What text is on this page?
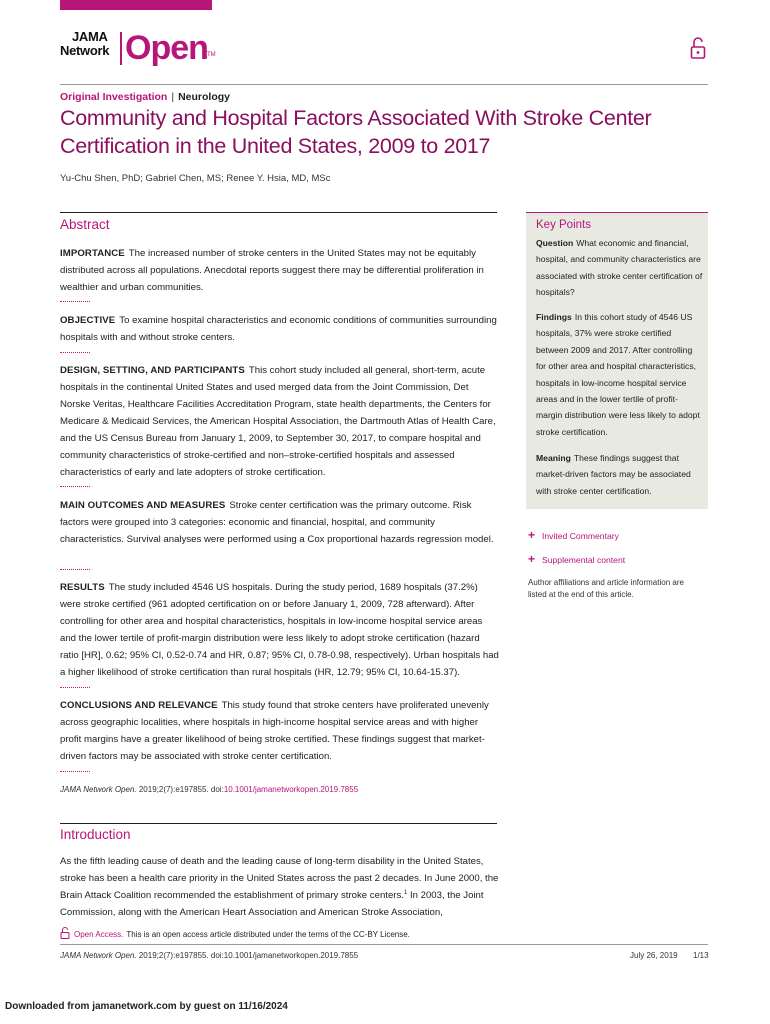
JAMA
Network Open TM
Original Investigation | Neurology
Community and Hospital Factors Associated With Stroke Center Certification in the United States, 2009 to 2017
Yu-Chu Shen, PhD; Gabriel Chen, MS; Renee Y. Hsia, MD, MSc
Abstract
IMPORTANCE The increased number of stroke centers in the United States may not be equitably distributed across all populations. Anecdotal reports suggest there may be differential proliferation in wealthier and urban communities.
OBJECTIVE To examine hospital characteristics and economic conditions of communities surrounding hospitals with and without stroke centers.
DESIGN, SETTING, AND PARTICIPANTS This cohort study included all general, short-term, acute hospitals in the continental United States and used merged data from the Joint Commission, Det Norske Veritas, Healthcare Facilities Accreditation Program, state health departments, the Centers for Medicare & Medicaid Services, the American Hospital Association, the Dartmouth Atlas of Health Care, and the US Census Bureau from January 1, 2009, to September 30, 2017, to compare hospital and community characteristics of stroke-certified and non–stroke-certified hospitals and assessed characteristics of early and late adopters of stroke certification.
MAIN OUTCOMES AND MEASURES Stroke center certification was the primary outcome. Risk factors were grouped into 3 categories: economic and financial, hospital, and community characteristics. Survival analyses were performed using a Cox proportional hazards regression model.
RESULTS The study included 4546 US hospitals. During the study period, 1689 hospitals (37.2%) were stroke certified (961 adopted certification on or before January 1, 2009, 728 afterward). After controlling for other area and hospital characteristics, hospitals in low-income hospital service areas and the lower tertile of profit-margin distribution were less likely to adopt stroke certification (hazard ratio [HR], 0.62; 95% CI, 0.52-0.74 and HR, 0.87; 95% CI, 0.78-0.98, respectively). Urban hospitals had a higher likelihood of stroke certification than rural hospitals (HR, 12.79; 95% CI, 10.64-15.37).
CONCLUSIONS AND RELEVANCE This study found that stroke centers have proliferated unevenly across geographic localities, where hospitals in high-income hospital service areas and with higher profit margins have a greater likelihood of being stroke certified. These findings suggest that market-driven factors may be associated with stroke center certification.
JAMA Network Open. 2019;2(7):e197855. doi:10.1001/jamanetworkopen.2019.7855
Key Points
Question What economic and financial, hospital, and community characteristics are associated with stroke center certification of hospitals?
Findings In this cohort study of 4546 US hospitals, 37% were stroke certified between 2009 and 2017. After controlling for other area and hospital characteristics, hospitals in low-income hospital service areas and in the lower tertile of profit-margin distribution were less likely to adopt stroke certification.
Meaning These findings suggest that market-driven factors may be associated with stroke center certification.
+ Invited Commentary
+ Supplemental content
Author affiliations and article information are listed at the end of this article.
Introduction
As the fifth leading cause of death and the leading cause of long-term disability in the United States, stroke has been a health care priority in the United States across the past 2 decades. In June 2000, the Brain Attack Coalition recommended the establishment of primary stroke centers.$^1$ In 2003, the Joint Commission, along with the American Heart Association and American Stroke Association,
Open Access. This is an open access article distributed under the terms of the CC-BY License.
JAMA Network Open. 2019;2(7):e197855. doi:10.1001/jamanetworkopen.2019.7855	July 26, 2019 1/13
Downloaded from jamanetwork.com by guest on 11/16/2024
